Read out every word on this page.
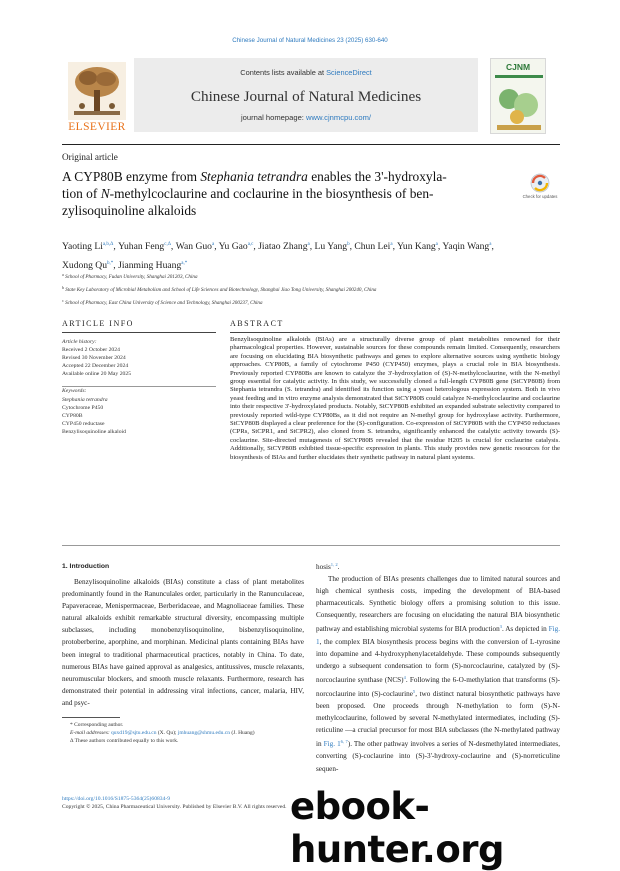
Chinese Journal of Natural Medicines 23 (2025) 630-640
ELSEVIER
Contents lists available at ScienceDirect
Chinese Journal of Natural Medicines
journal homepage: www.cjnmcpu.com/
CJNM
Original article
A CYP80B enzyme from Stephania tetrandra enables the 3'-hydroxyla-
tion of N-methylcoclaurine and coclaurine in the biosynthesis of ben-
zylisoquinoline alkaloids
Check for updates
Yaoting $Li^{a,b,\Delta}$, Yuhan Feng$^{c,\Delta}$, Wan Guo$^a$, Yu Gao$^{a,c}$, Jiatao Zhang$^a$, Lu Yang$^b$, Chun Lei$^a$, Yun Kang$^a$, Yaqin Wang$^a$, Xudong $Qu^{b,*}$, Jianming Huang$^{a,*}$
$^a$ School of Pharmacy, Fudan University, Shanghai 201203, China
$^b$ State Key Laboratory of Microbial Metabolism and School of Life Sciences and Biotechnology, Shanghai Jiao Tong University, Shanghai 200240, China
$^c$ School of Pharmacy, East China University of Science and Technology, Shanghai 200237, China
ARTICLE INFO	ABSTRACT
Article history:
Received 2 October 2024
Revised 30 November 2024
Accepted 22 December 2024
Available online 20 May 2025
Keywords:
Stephania tetrandra
Cytochrome P450
CYP80B
CYP450 reductase
Benzylisoquinoline alkaloid
Benzylisoquinoline alkaloids (BIAs) are a structurally diverse group of plant metabolites renowned for their pharmacological properties. However, sustainable sources for these compounds remain limited. Consequently, researchers are focusing on elucidating BIA biosynthetic pathways and genes to explore alternative sources using synthetic biology approaches. CYP80B, a family of cytochrome P450 (CYP450) enzymes, plays a crucial role in BIA biosynthesis. Previously reported CYP80Bs are known to catalyze the 3'-hydroxylation of (S)-N-methylcoclaurine, with the N-methyl group essential for catalytic activity. In this study, we successfully cloned a full-length CYP80B gene (StCYP80B) from Stephania tetrandra (S. tetrandra) and identified its function using a yeast heterologous expression system. Both in vivo yeast feeding and in vitro enzyme analysis demonstrated that StCYP80B could catalyze N-methylcoclaurine and coclaurine into their respective 3'-hydroxylated products. Notably, StCYP80B exhibited an expanded substrate selectivity compared to previously reported wild-type CYP80Bs, as it did not require an N-methyl group for hydroxylase activity. Furthermore, StCYP80B displayed a clear preference for the (S)-configuration. Co-expression of StCYP80B with the CYP450 reductases (CPRs, StCPR1, and StCPR2), also cloned from S. tetrandra, significantly enhanced the catalytic activity towards (S)-coclaurine. Site-directed mutagenesis of StCYP80B revealed that the residue H205 is crucial for coclaurine catalysis. Additionally, StCYP80B exhibited tissue-specific expression in plants. This study provides new genetic resources for the biosynthesis of BIAs and further elucidates their synthetic pathway in natural plant systems.
1. Introduction
Benzylisoquinoline alkaloids (BIAs) constitute a class of plant metabolites predominantly found in the Ranunculales order, particularly in the Ranunculaceae, Papaveraceae, Menispermaceae, Berberidaceae, and Magnoliaceae families. These natural alkaloids exhibit remarkable structural diversity, encompassing multiple subclasses, including monobenzylisoquinoline, bisbenzylisoquinoline, protoberberine, aporphine, and morphinan. Medicinal plants containing BIAs have been integral to traditional pharmaceutical practices, notably in China. To date, numerous BIAs have gained approval as analgesics, antitussives, muscle relaxants, neuromuscular blockers, and smooth muscle relaxants. Furthermore, research has demonstrated their potential in addressing viral infections, cancer, malaria, HIV, and psyc-
hosis$^{1, 2}$.
The production of BIAs presents challenges due to limited natural sources and high chemical synthesis costs, impeding the development of BIA-based pharmaceuticals. Synthetic biology offers a promising solution to this issue. Consequently, researchers are focusing on elucidating the natural BIA biosynthetic pathway and establishing microbial systems for BIA production$^3$. As depicted in Fig. 1, the complex BIA biosynthesis process begins with the conversion of L-tyrosine into dopamine and 4-hydroxyphenylacetaldehyde. These compounds subsequently undergo a subsequent condensation to form (S)-norcoclaurine, catalyzed by (S)-norcoclaurine synthase (NCS)$^4$. Following the 6-O-methylation that transforms (S)-norcoclaurine into (S)-coclaurine$^5$, two distinct natural biosynthetic pathways have been proposed. One proceeds through N-methylation to form (S)-N-methylcoclaurine, followed by several N-methylated intermediates, including (S)-reticuline —a crucial precursor for most BIA subclasses (the N-methylated pathway in Fig. 1$^{6, 7}$). The other pathway involves a series of N-desmethylated intermediates, converting (S)-coclaurine into (S)-3'-hydroxy-coclaurine and (S)-norreticuline sequen-
* Corresponding author.
E-mail addresses: quxd19@sjtu.edu.cn (X. Qu); jmhuang@shmu.edu.cn (J. Huang)
Δ These authors contributed equally to this work.
https://doi.org/10.1016/S1875-5364(25)60834-9
Copyright © 2025, China Pharmaceutical University. Published by Elsevier B.V. All rights reserved. ebook-hunter.org
